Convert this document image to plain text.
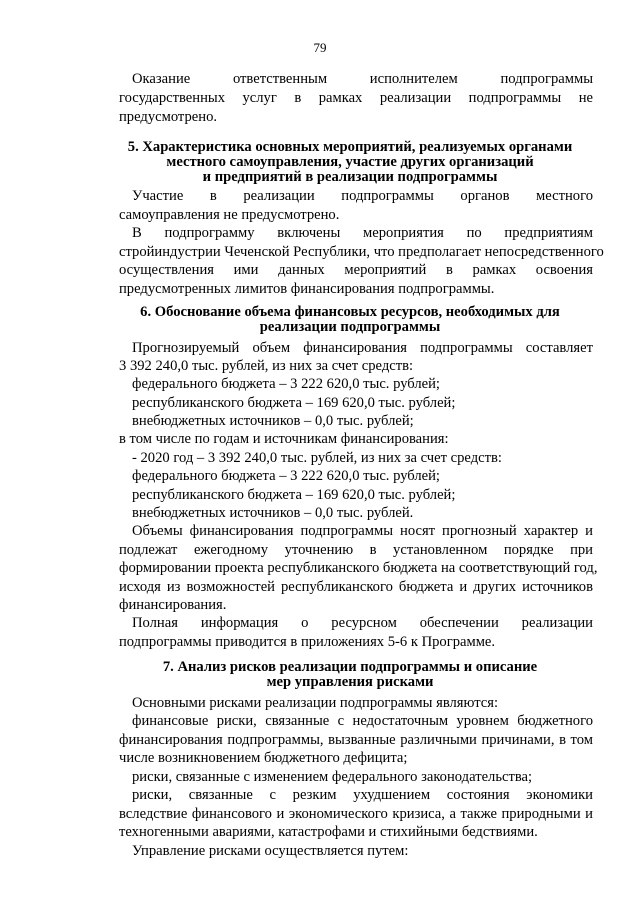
79
Оказание ответственным исполнителем подпрограммы
государственных услуг в рамках реализации подпрограммы не
предусмотрено.
5. Характеристика основных мероприятий, реализуемых органами
местного самоуправления, участие других организаций
и предприятий в реализации подпрограммы
Участие в реализации подпрограммы органов местного
самоуправления не предусмотрено.
В подпрограмму включены мероприятия по предприятиям
стройиндустрии Чеченской Республики, что предполагает непосредственного
осуществления ими данных мероприятий в рамках освоения
предусмотренных лимитов финансирования подпрограммы.
6. Обоснование объема финансовых ресурсов, необходимых для
реализации подпрограммы
Прогнозируемый объем финансирования подпрограммы составляет
3 392 240,0 тыс. рублей, из них за счет средств:
федерального бюджета – 3 222 620,0 тыс. рублей;
республиканского бюджета – 169 620,0 тыс. рублей;
внебюджетных источников – 0,0 тыс. рублей;
в том числе по годам и источникам финансирования:
- 2020 год – 3 392 240,0 тыс. рублей, из них за счет средств:
федерального бюджета – 3 222 620,0 тыс. рублей;
республиканского бюджета – 169 620,0 тыс. рублей;
внебюджетных источников – 0,0 тыс. рублей.
Объемы финансирования подпрограммы носят прогнозный характер и
подлежат ежегодному уточнению в установленном порядке при
формировании проекта республиканского бюджета на соответствующий год,
исходя из возможностей республиканского бюджета и других источников
финансирования.
Полная информация о ресурсном обеспечении реализации
подпрограммы приводится в приложениях 5-6 к Программе.
7. Анализ рисков реализации подпрограммы и описание
мер управления рисками
Основными рисками реализации подпрограммы являются:
финансовые риски, связанные с недостаточным уровнем бюджетного
финансирования подпрограммы, вызванные различными причинами, в том
числе возникновением бюджетного дефицита;
риски, связанные с изменением федерального законодательства;
риски, связанные с резким ухудшением состояния экономики
вследствие финансового и экономического кризиса, а также природными и
техногенными авариями, катастрофами и стихийными бедствиями.
Управление рисками осуществляется путем:
